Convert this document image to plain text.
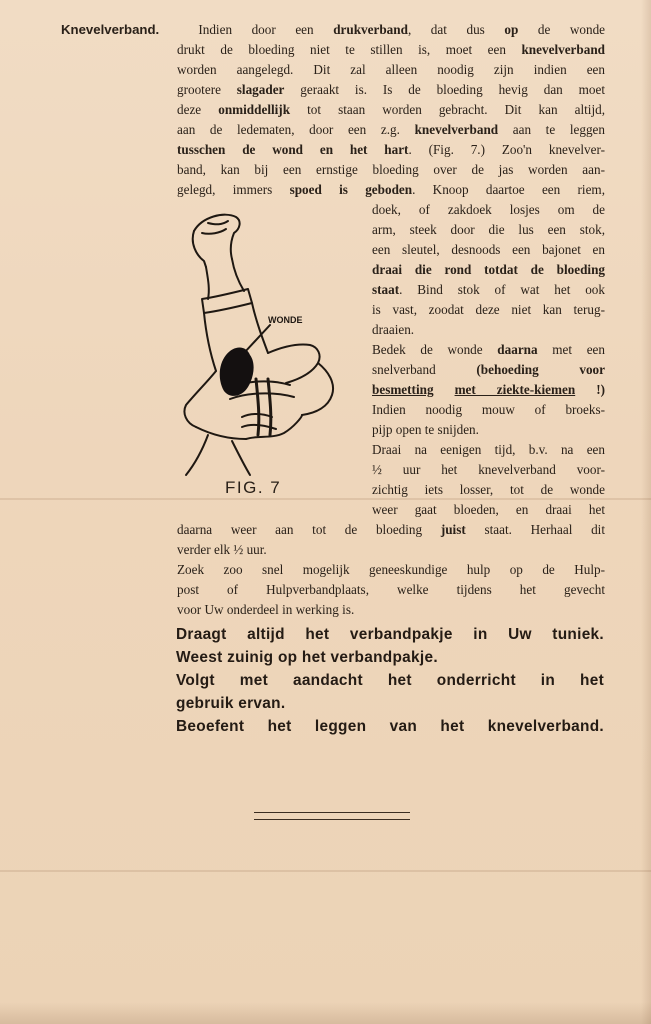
Knevelverband.	Indien door een drukverband, dat dus op de wonde
drukt de bloeding niet te stillen is, moet een knevelverband
worden aangelegd. Dit zal alleen noodig zijn indien een
grootere slagader geraakt is. Is de bloeding hevig dan moet
deze onmiddellijk tot staan worden gebracht. Dit kan altijd,
aan de ledematen, door een z.g. knevelverband aan te leggen
tusschen de wond en het hart. (Fig. 7.) Zoo'n knevelver-
band, kan bij een ernstige bloeding over de jas worden aan-
gelegd, immers spoed is geboden. Knoop daartoe een riem,
doek, of zakdoek losjes om de
arm, steek door die lus een stok,
een sleutel, desnoods een bajonet en
draai die rond totdat de bloeding
staat. Bind stok of wat het ook
is vast, zoodat deze niet kan terug-
draaien.
Bedek de wonde daarna met een
snelverband (behoeding voor
besmetting met ziekte-kiemen !)
Indien noodig mouw of broeks-
pijp open te snijden.
Draai na eenigen tijd, b.v. na een
½ uur het knevelverband voor-
zichtig iets losser, tot de wonde
weer gaat bloeden, en draai het
daarna weer aan tot de bloeding juist staat. Herhaal dit
verder elk ½ uur.
Zoek zoo snel mogelijk geneeskundige hulp op de Hulp-
post of Hulpverbandplaats, welke tijdens het gevecht
voor Uw onderdeel in werking is.
WONDE
FIG. 7
Draagt altijd het verbandpakje in Uw tuniek.
Weest zuinig op het verbandpakje.
Volgt met aandacht het onderricht in het
gebruik ervan.
Beoefent het leggen van het knevelverband.
